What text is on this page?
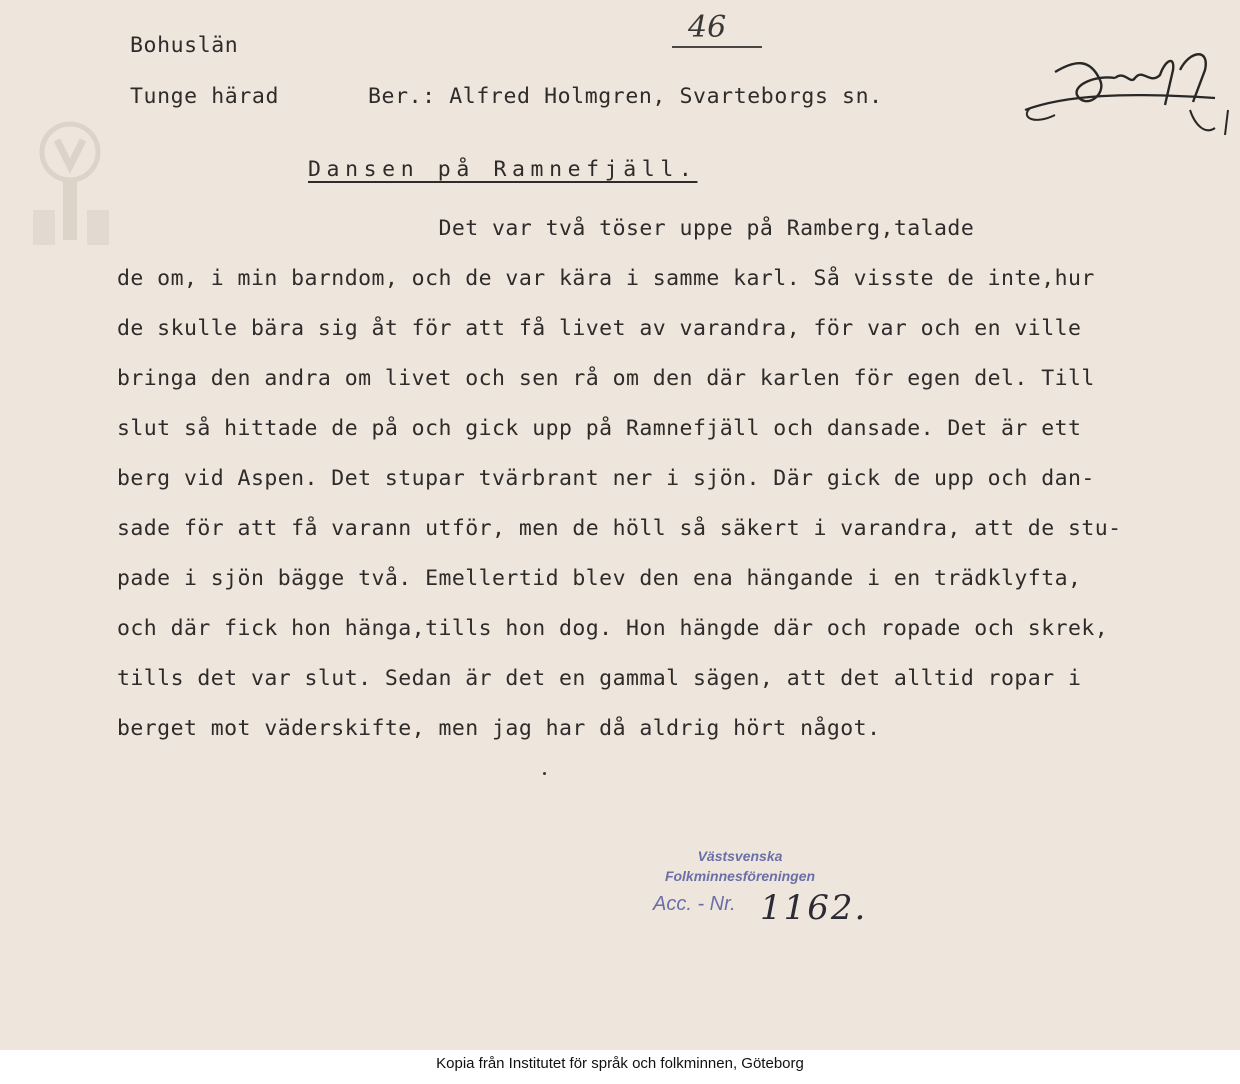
Bohuslän
Tunge härad	Ber.: Alfred Holmgren, Svarteborgs sn.
46
Dansen på Ramnefjäll.
Det var två töser uppe på Ramberg,talade
de om, i min barndom, och de var kära i samme karl. Så visste de inte,hur
de skulle bära sig åt för att få livet av varandra, för var och en ville
bringa den andra om livet och sen rå om den där karlen för egen del. Till
slut så hittade de på och gick upp på Ramnefjäll och dansade. Det är ett
berg vid Aspen. Det stupar tvärbrant ner i sjön. Där gick de upp och dan-
sade för att få varann utför, men de höll så säkert i varandra, att de stu-
pade i sjön bägge två. Emellertid blev den ena hängande i en trädklyfta,
och där fick hon hänga,tills hon dog. Hon hängde där och ropade och skrek,
tills det var slut. Sedan är det en gammal sägen, att det alltid ropar i
berget mot väderskifte, men jag har då aldrig hört något.
Västsvenska
Folkminnesföreningen
Acc. - Nr. 1162.
Kopia från Institutet för språk och folkminnen, Göteborg
